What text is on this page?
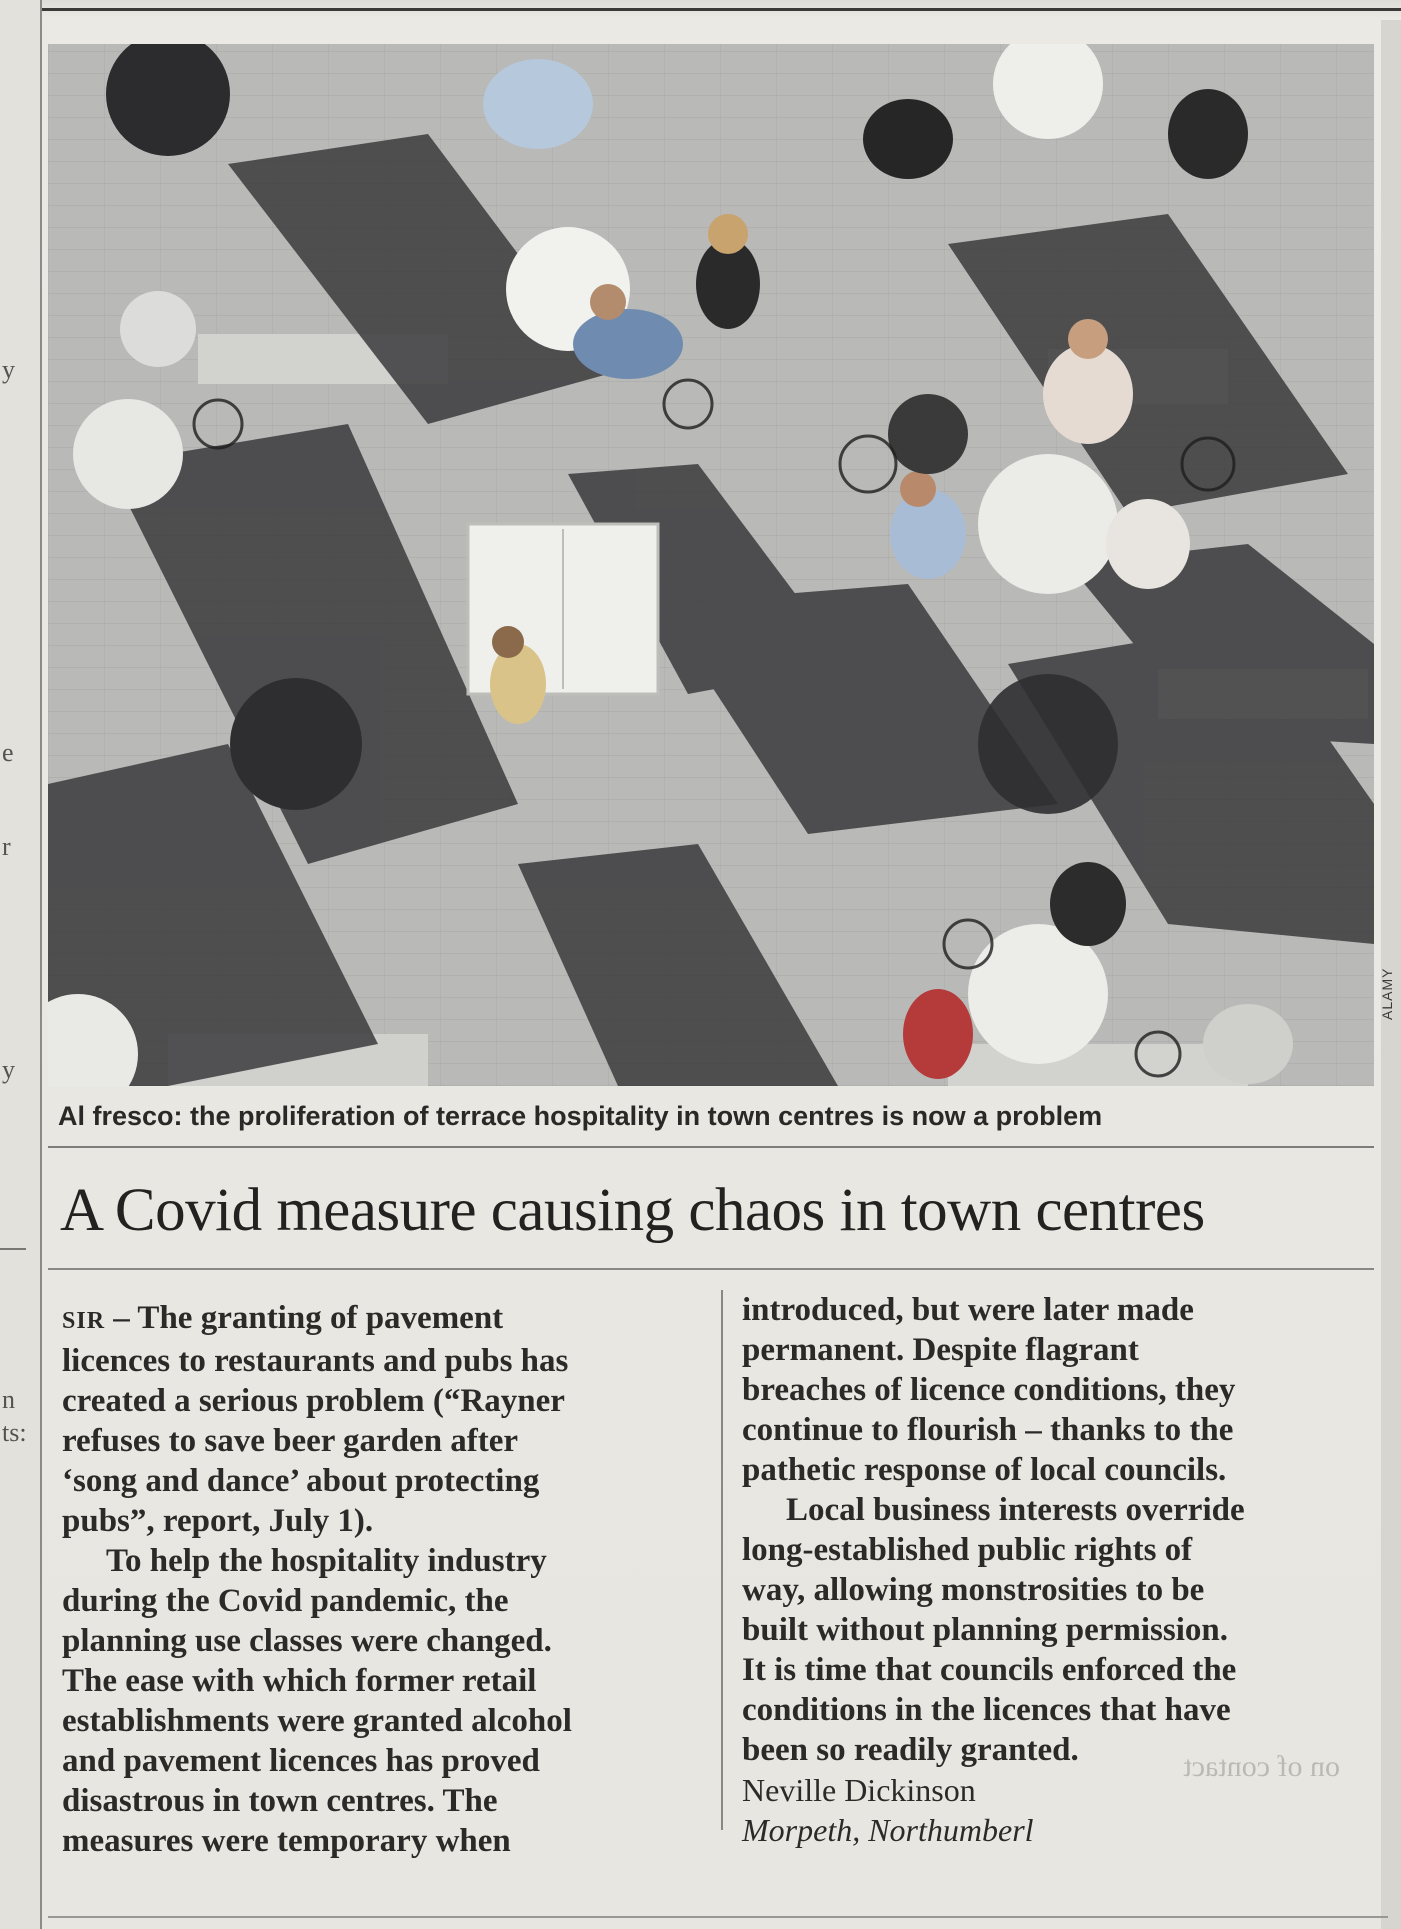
y
e
r
y
n
ts:
ALAMY
Al fresco: the proliferation of terrace hospitality in town centres is now a problem
A Covid measure causing chaos in town centres

SIR – The granting of pavement

licences to restaurants and pubs has

created a serious problem (“Rayner

refuses to save beer garden after

‘song and dance’ about protecting

pubs”, report, July 1).

To help the hospitality industry

during the Covid pandemic, the

planning use classes were changed.

The ease with which former retail

establishments were granted alcohol

and pavement licences has proved

disastrous in town centres. The

measures were temporary when

introduced, but were later made

permanent. Despite flagrant

breaches of licence conditions, they

continue to flourish – thanks to the

pathetic response of local councils.

Local business interests override

long-established public rights of

way, allowing monstrosities to be

built without planning permission.

It is time that councils enforced the

conditions in the licences that have

been so readily granted.

Neville Dickinson

Morpeth, Northumberl

on of contact
